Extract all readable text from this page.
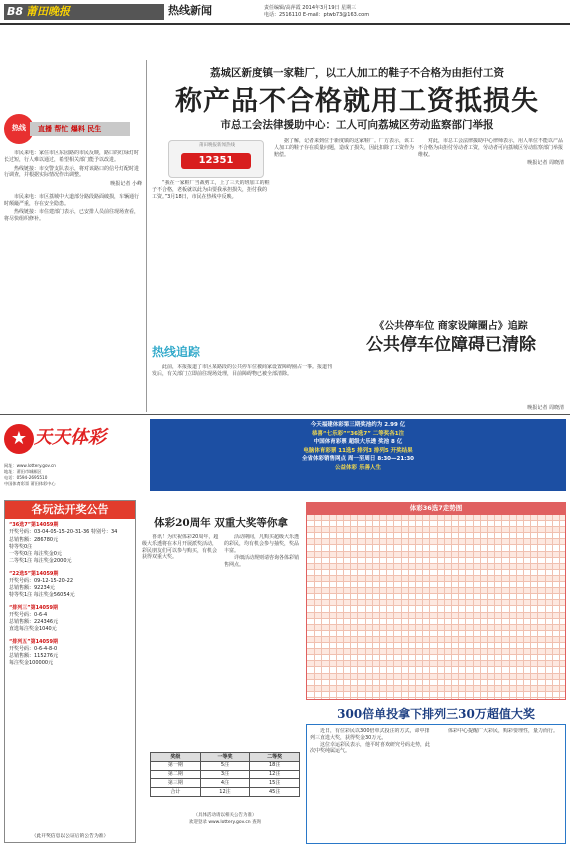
B8 莆田晚报	热线新闻	责任编辑/高萍霞 2014年3月19日 星期三
电话：2516110 E-mail：ptwb73@163.com
荔城区新度镇一家鞋厂，以工人加工的鞋子不合格为由拒付工资
称产品不合格就用工资抵损失
市总工会法律援助中心：工人可向荔城区劳动监察部门举报
热线	直播 帮忙 爆料 民生

市民来电：家住市区东园路的市民反映，路口的红绿灯时长过短，行人难以通过，希望相关部门能予以改进。

热线链接：市交警支队表示，将对该路口的信号灯配时进行调查，并根据实际情况作出调整。

晚报记者 小峰

市民来电：市区荔城中大道部分路段路面破损，车辆通行时颠簸严重，存在安全隐患。

热线链接：市住建部门表示，已安排人员前往现场查看，将尽快组织修补。

莆田晚报新闻热线
12351

“我在一家鞋厂当裁剪工，上了三天的班加工的鞋子不合格，老板就以此为由要我承担损失，拒付我的工资。”3月18日，市民在热线中反映。

据了解，记者来到位于新度镇的这家鞋厂。厂方表示，该工人加工的鞋子存在质量问题，造成了损失，因此扣除了工资作为赔偿。

对此，市总工会法律援助中心律师表示，用人单位不能以产品不合格为由拒付劳动者工资，劳动者可向荔城区劳动监察部门举报维权。

晚报记者 周晓清
《公共停车位 商家设障圈占》追踪
公共停车位障碍已清除
热线追踪

此前，本报报道了市区某路段的公共停车位被商家设置障碍圈占一事。报道刊发后，有关部门立即前往现场处理，目前障碍物已被全部清除。

晚报记者 周晓清
★ 天天体彩
网址：www.lottery.gov.cn
地址：莆田市城厢区
电话：0594-2695510
中国体育彩票 莆田体彩中心
今天福建体彩第三期奖池约为 2.99 亿
恭喜“七乐彩”“36选7” 二等奖各1注
中国体育彩票 超级大乐透 奖池 8 亿
电脑体育彩票 11选5 排列3 排列5 开奖结果
全省体彩销售网点 周一至周日 8:30—21:30
公益体彩 乐善人生
各玩法开奖公告
“36选7”第14059期
开奖号码：03-04-05-15-20-31-36 特别号：34
总销售额：286780元
特等奖0注
一等奖0注 每注奖金0元
二等奖1注 每注奖金2000元
“22选5”第14059期
开奖号码：09-12-15-20-22
总销售额：92234元
特等奖1注 每注奖金56054元
“排列三”第14059期
开奖号码：0-6-4
总销售额：224346元
直选每注奖金1040元
“排列五”第14059期
开奖号码：0-6-4-8-0
总销售额：115276元
每注奖金100000元
（此开奖信息以公证后的公告为准）
体彩20周年 双重大奖等你拿

喜讯！为庆祝体彩20周年，超级大乐透将在本月开展派奖活动，彩民朋友们可以参与购买，有机会获得双重大奖。

活动期间，凡购买超级大乐透的彩民，均有机会参与抽奖，奖品丰富。

详细活动规则请咨询各体彩销售网点。

奖级	一等奖	二等奖
第一期	5注	18注
第二期	3注	12注
第三期	4注	15注
合计	12注	45注
（具体活动请以相关公告为准）
欢迎登录 www.lottery.gov.cn 查询
体彩36选7走势图
300倍单投拿下排列三30万超值大奖

近日，有位彩民以300倍单式投注的方式，命中排列三直选大奖，获得奖金30万元。

这位幸运彩民表示，他平时喜欢研究号码走势，此次中奖纯属运气。

体彩中心提醒广大彩民，购彩要理性，量力而行。
